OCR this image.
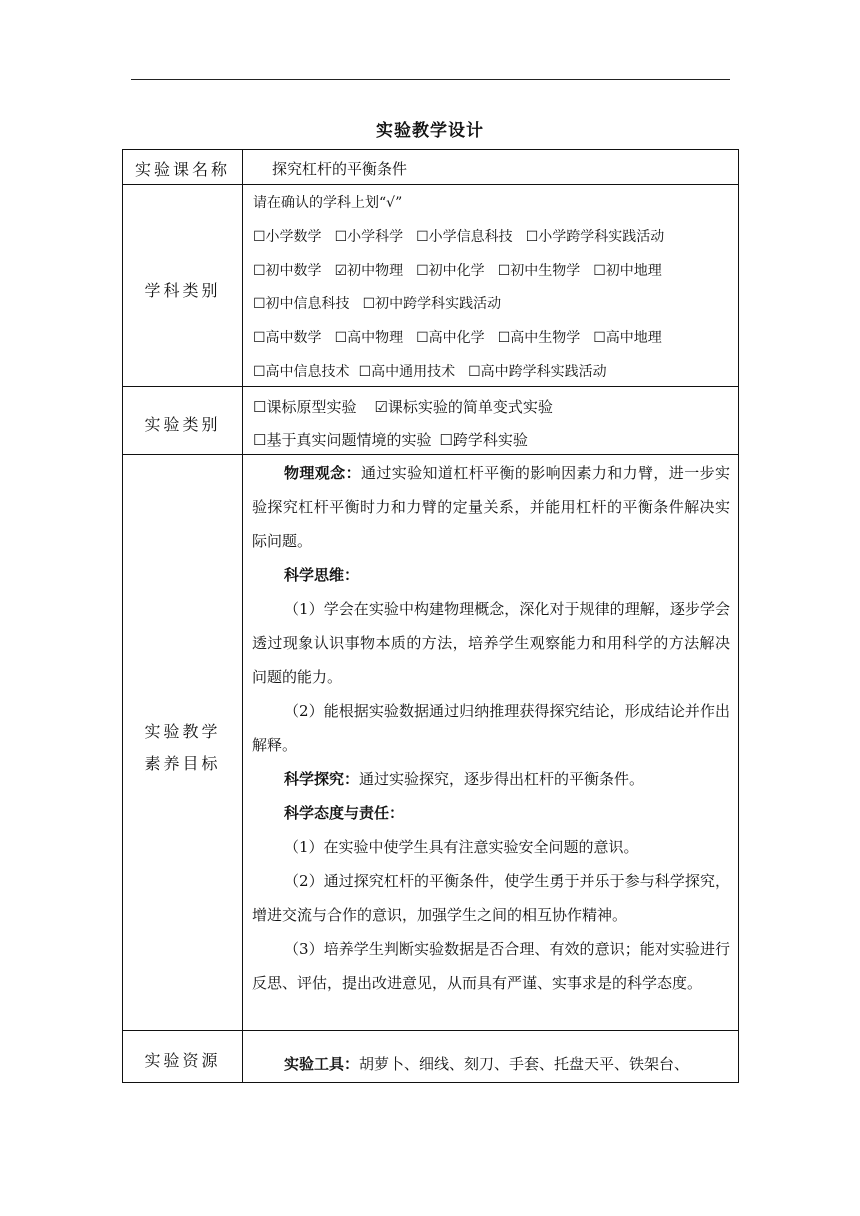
实验教学设计
实验课名称	探究杠杆的平衡条件
学科类别
请在确认的学科上划“√”
☐小学数学 ☐小学科学 ☐小学信息科技 ☐小学跨学科实践活动
☐初中数学 ☑初中物理 ☐初中化学 ☐初中生物学 ☐初中地理
☐初中信息科技 ☐初中跨学科实践活动
☐高中数学 ☐高中物理 ☐高中化学 ☐高中生物学 ☐高中地理
☐高中信息技术 ☐高中通用技术 ☐高中跨学科实践活动
实验类别
☐课标原型实验 ☑课标实验的简单变式实验
☐基于真实问题情境的实验 ☐跨学科实验
实验教学
素养目标
物理观念：通过实验知道杠杆平衡的影响因素力和力臂，进一步实验探究杠杆平衡时力和力臂的定量关系，并能用杠杆的平衡条件解决实际问题。
科学思维：
（1）学会在实验中构建物理概念，深化对于规律的理解，逐步学会透过现象认识事物本质的方法，培养学生观察能力和用科学的方法解决问题的能力。
（2）能根据实验数据通过归纳推理获得探究结论，形成结论并作出解释。
科学探究：通过实验探究，逐步得出杠杆的平衡条件。
科学态度与责任：
（1）在实验中使学生具有注意实验安全问题的意识。
（2）通过探究杠杆的平衡条件，使学生勇于并乐于参与科学探究，增进交流与合作的意识，加强学生之间的相互协作精神。
（3）培养学生判断实验数据是否合理、有效的意识；能对实验进行反思、评估，提出改进意见，从而具有严谨、实事求是的科学态度。
实验资源	实验工具：胡萝卜、细线、刻刀、手套、托盘天平、铁架台、
